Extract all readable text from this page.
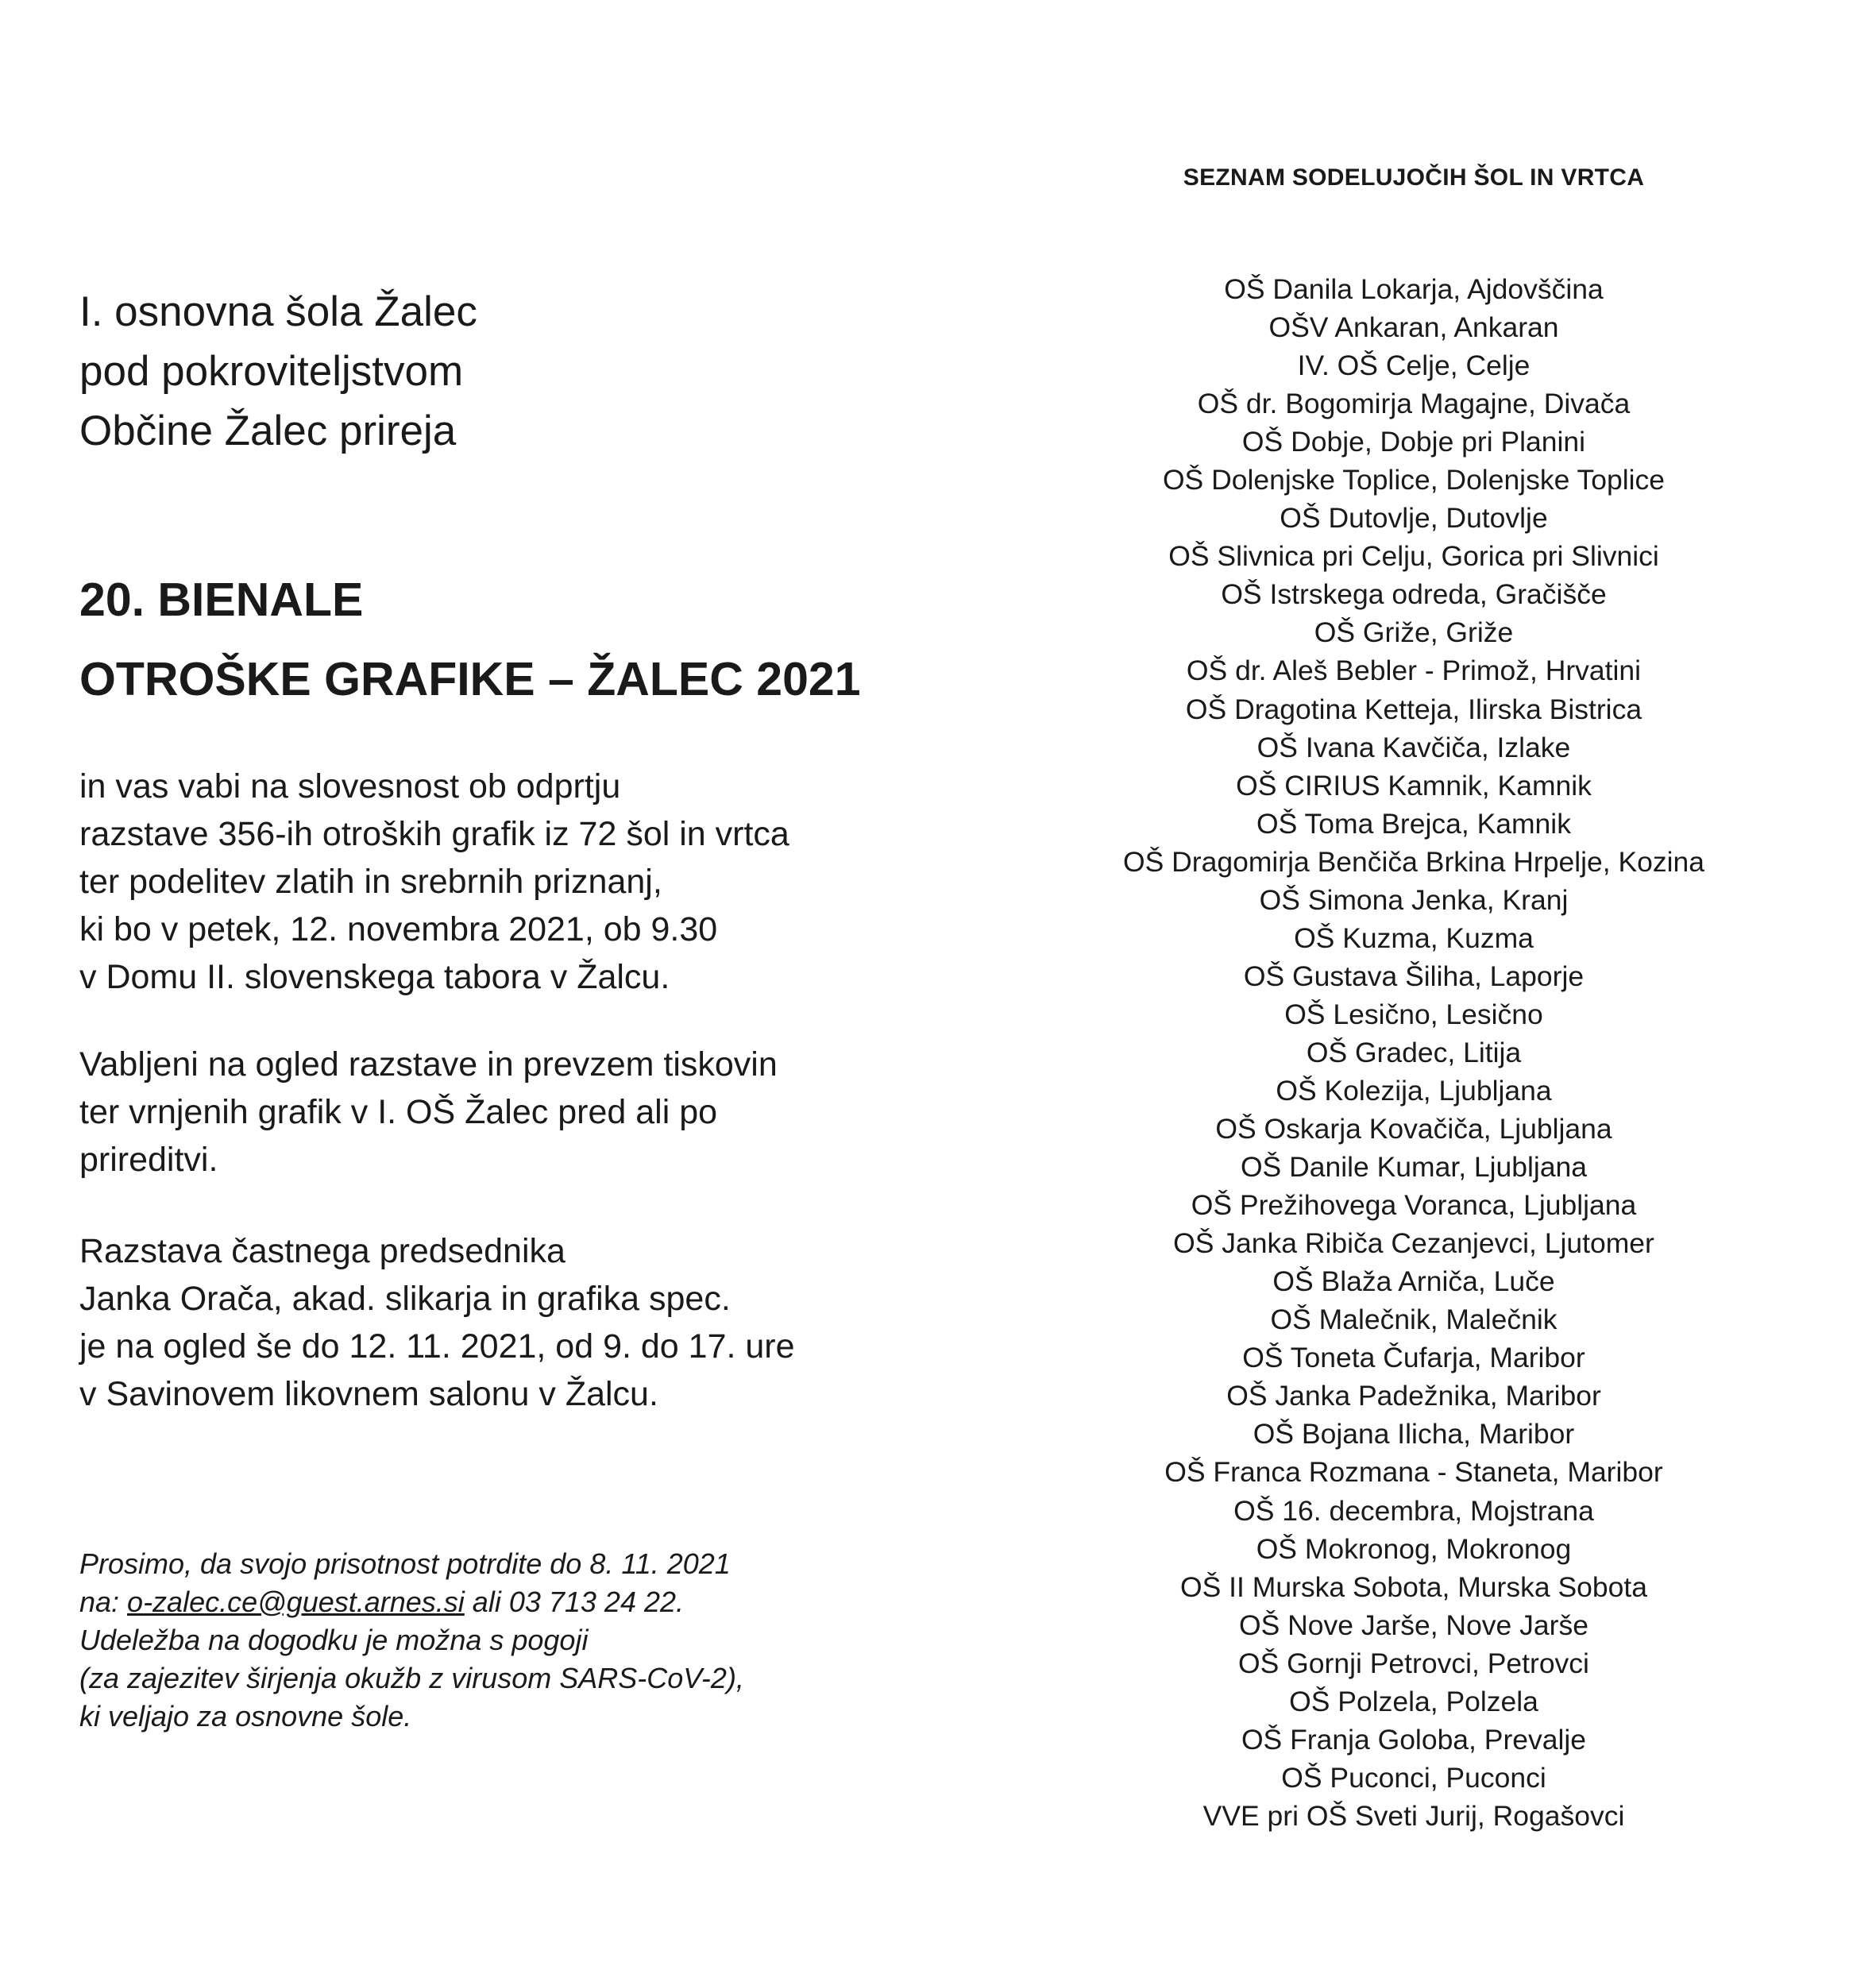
I. osnovna šola Žalec
pod pokroviteljstvom
Občine Žalec prireja
20. BIENALE
OTROŠKE GRAFIKE – ŽALEC 2021
in vas vabi na slovesnost ob odprtju
razstave 356-ih otroških grafik iz 72 šol in vrtca
ter podelitev zlatih in srebrnih priznanj,
ki bo v petek, 12. novembra 2021, ob 9.30
v Domu II. slovenskega tabora v Žalcu.
Vabljeni na ogled razstave in prevzem tiskovin
ter vrnjenih grafik v I. OŠ Žalec pred ali po
prireditvi.
Razstava častnega predsednika
Janka Orača, akad. slikarja in grafika spec.
je na ogled še do 12. 11. 2021, od 9. do 17. ure
v Savinovem likovnem salonu v Žalcu.
Prosimo, da svojo prisotnost potrdite do 8. 11. 2021
na: o-zalec.ce@guest.arnes.si ali 03 713 24 22.
Udeležba na dogodku je možna s pogoji
(za zajezitev širjenja okužb z virusom SARS-CoV-2),
ki veljajo za osnovne šole.
SEZNAM SODELUJOČIH ŠOL IN VRTCA
OŠ Danila Lokarja, Ajdovščina
OŠV Ankaran, Ankaran
IV. OŠ Celje, Celje
OŠ dr. Bogomirja Magajne, Divača
OŠ Dobje, Dobje pri Planini
OŠ Dolenjske Toplice, Dolenjske Toplice
OŠ Dutovlje, Dutovlje
OŠ Slivnica pri Celju, Gorica pri Slivnici
OŠ Istrskega odreda, Gračišče
OŠ Griže, Griže
OŠ dr. Aleš Bebler - Primož, Hrvatini
OŠ Dragotina Ketteja, Ilirska Bistrica
OŠ Ivana Kavčiča, Izlake
OŠ CIRIUS Kamnik, Kamnik
OŠ Toma Brejca, Kamnik
OŠ Dragomirja Benčiča Brkina Hrpelje, Kozina
OŠ Simona Jenka, Kranj
OŠ Kuzma, Kuzma
OŠ Gustava Šiliha, Laporje
OŠ Lesično, Lesično
OŠ Gradec, Litija
OŠ Kolezija, Ljubljana
OŠ Oskarja Kovačiča, Ljubljana
OŠ Danile Kumar, Ljubljana
OŠ Prežihovega Voranca, Ljubljana
OŠ Janka Ribiča Cezanjevci, Ljutomer
OŠ Blaža Arniča, Luče
OŠ Malečnik, Malečnik
OŠ Toneta Čufarja, Maribor
OŠ Janka Padežnika, Maribor
OŠ Bojana Ilicha, Maribor
OŠ Franca Rozmana - Staneta, Maribor
OŠ 16. decembra, Mojstrana
OŠ Mokronog, Mokronog
OŠ II Murska Sobota, Murska Sobota
OŠ Nove Jarše, Nove Jarše
OŠ Gornji Petrovci, Petrovci
OŠ Polzela, Polzela
OŠ Franja Goloba, Prevalje
OŠ Puconci, Puconci
VVE pri OŠ Sveti Jurij, Rogašovci
